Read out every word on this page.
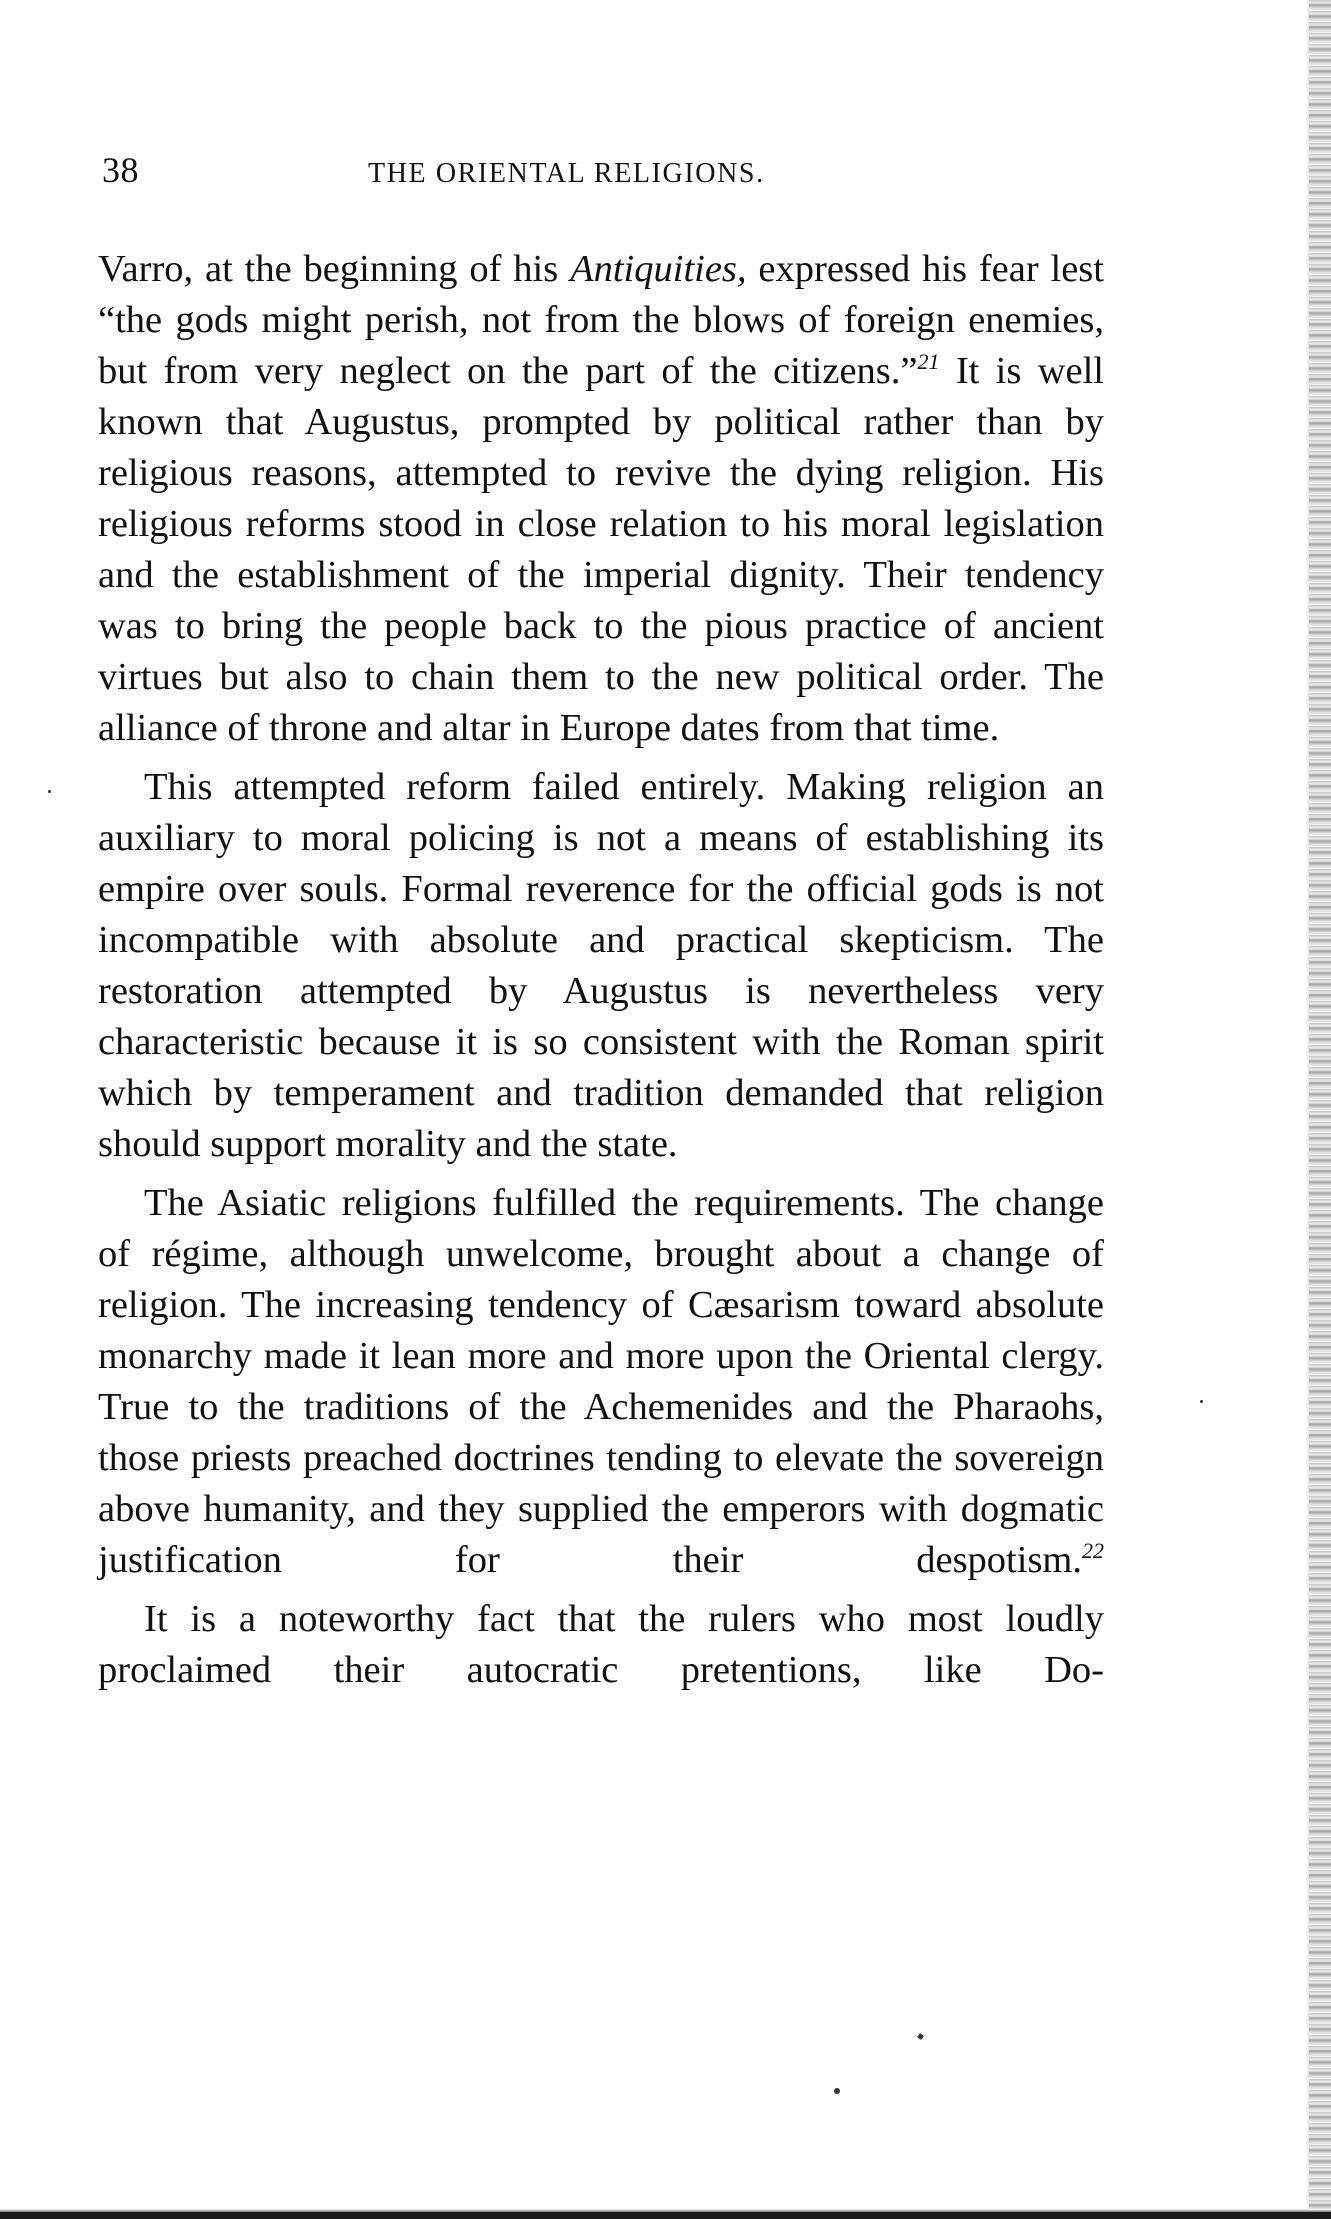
38	THE ORIENTAL RELIGIONS.

Varro, at the beginning of his Antiquities, expressed his fear lest “the gods might perish, not from the blows of foreign enemies, but from very neglect on the part of the citizens.”$^{21}$ It is well known that Augustus, prompted by political rather than by religious reasons, attempted to revive the dying religion. His religious reforms stood in close relation to his moral legislation and the establishment of the imperial dignity. Their tendency was to bring the people back to the pious practice of ancient virtues but also to chain them to the new political order. The alliance of throne and altar in Europe dates from that time.

This attempted reform failed entirely. Making religion an auxiliary to moral policing is not a means of establishing its empire over souls. Formal reverence for the official gods is not incompatible with absolute and practical skepticism. The restoration attempted by Augustus is nevertheless very characteristic because it is so consistent with the Roman spirit which by temperament and tradition demanded that religion should support morality and the state.

The Asiatic religions fulfilled the requirements. The change of régime, although unwelcome, brought about a change of religion. The increasing tendency of Cæsarism toward absolute monarchy made it lean more and more upon the Oriental clergy. True to the traditions of the Achemenides and the Pharaohs, those priests preached doctrines tending to elevate the sovereign above humanity, and they supplied the emperors with dogmatic justification for their despotism.$^{22}$

It is a noteworthy fact that the rulers who most loudly proclaimed their autocratic pretentions, like Do-
